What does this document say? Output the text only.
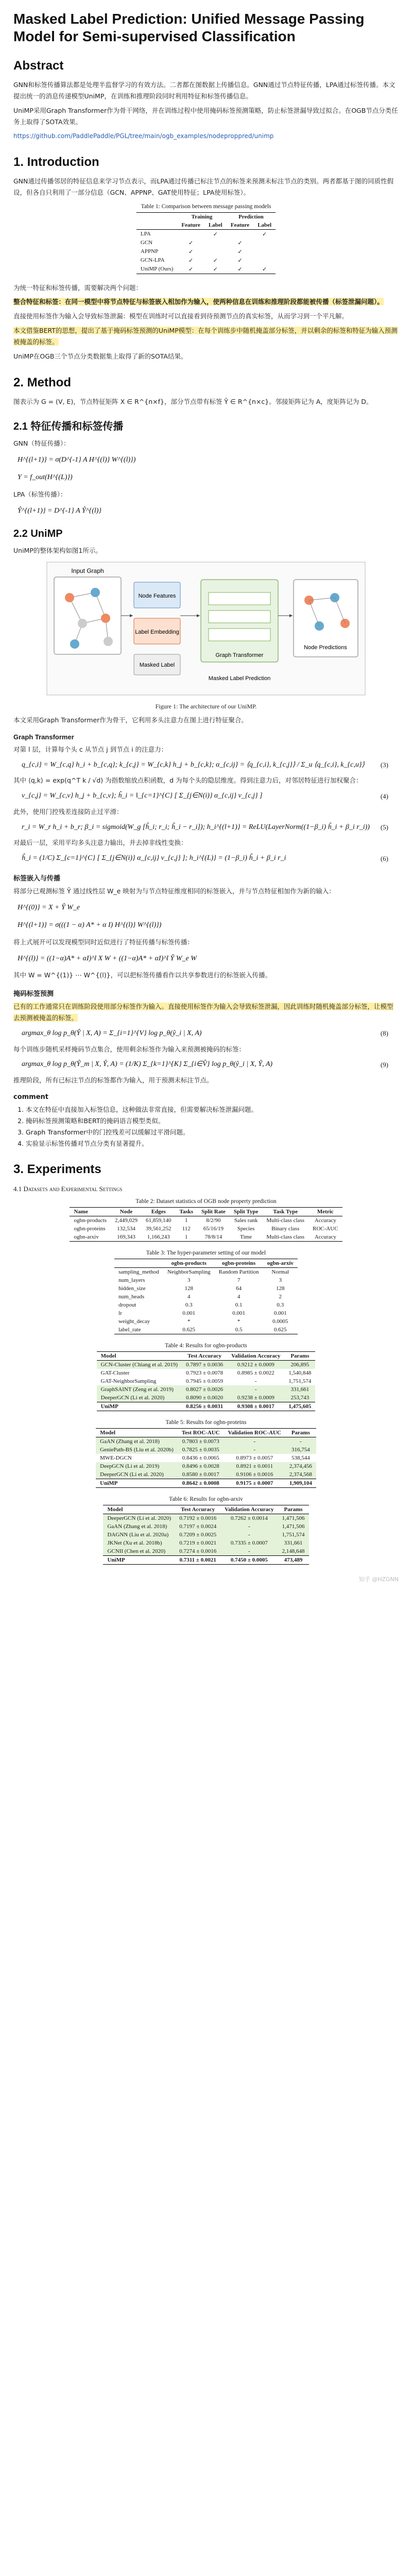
Masked Label Prediction: Unified Message Passing Model for Semi-supervised Classification
Abstract

GNN和标签传播算法都是处理半监督学习的有效方法。二者都在图数据上传播信息。GNN通过节点特征传播，LPA通过标签传播。本文提出统一的消息传递模型UniMP，在训练和推理阶段同时利用特征和标签传播信息。

UniMP采用Graph Transformer作为骨干网络，并在训练过程中使用掩码标签预测策略，防止标签泄漏导致过拟合。在OGB节点分类任务上取得了SOTA效果。

https://github.com/PaddlePaddle/PGL/tree/main/ogb_examples/nodeproppred/unimp

1. Introduction

GNN通过传播邻居的特征信息来学习节点表示，而LPA通过传播已标注节点的标签来预测未标注节点的类别。两者都基于图的同质性假设，但各自只利用了一部分信息（GCN、APPNP、GAT使用特征；LPA使用标签）。

Table 1: Comparison between message passing models
	Training		Prediction	
	Feature	Label	Feature	Label
LPA		✓		✓
GCN	✓		✓	
APPNP	✓		✓	
GCN-LPA	✓	✓	✓	
UniMP (Ours)	✓	✓	✓	✓

为统一特征和标签传播，需要解决两个问题：

整合特征和标签：在同一模型中将节点特征与标签嵌入相加作为输入，使两种信息在训练和推理阶段都能被传播（标签泄漏问题）。

直接使用标签作为输入会导致标签泄漏：模型在训练时可以直接看到待预测节点的真实标签，从而学习到一个平凡解。

本文借鉴BERT的思想，提出了基于掩码标签预测的UniMP模型：在每个训练步中随机掩盖部分标签，并以剩余的标签和特征为输入预测被掩盖的标签。

UniMP在OGB三个节点分类数据集上取得了新的SOTA结果。

2. Method

图表示为 G = (V, E)，节点特征矩阵 X ∈ R^{n×f}，部分节点带有标签 Ŷ ∈ R^{n×c}。邻接矩阵记为 A，度矩阵记为 D。

2.1 特征传播和标签传播

GNN（特征传播）：

H^{(l+1)} = σ(D^{-1} A H^{(l)} W^{(l)})
Y = f_out(H^{(L)})

LPA（标签传播）：

Ŷ^{(l+1)} = D^{-1} A Ŷ^{(l)}
2.2 UniMP

UniMP的整体架构如图1所示。

Input Graph
Node Features
Label Embedding
Masked Label
Graph Transformer
Node Predictions
Masked Label Prediction
Figure 1: The architecture of our UniMP.

本文采用Graph Transformer作为骨干，它利用多头注意力在图上进行特征聚合。

Graph Transformer

对第 l 层，计算每个头 c 从节点 j 到节点 i 的注意力：

q_{c,i} = W_{c,q} h_i + b_{c,q}; k_{c,j} = W_{c,k} h_j + b_{c,k}; α_{c,ij} = ⟨q_{c,i}, k_{c,j}⟩ / Σ_u ⟨q_{c,i}, k_{c,u}⟩ (3)

其中 ⟨q,k⟩ = exp(q^T k / √d) 为指数缩放点积函数，d 为每个头的隐层维度。得到注意力后，对邻居特征进行加权聚合：

v_{c,j} = W_{c,v} h_j + b_{c,v}; ĥ_i = ‖_{c=1}^{C} [ Σ_{j∈N(i)} α_{c,ij} v_{c,j} ]	(4)

此外，使用门控残差连接防止过平滑：

r_i = W_r h_i + b_r; β_i = sigmoid(W_g [ĥ_i; r_i; ĥ_i − r_i]); h_i^{(l+1)} = ReLU(LayerNorm((1−β_i) ĥ_i + β_i r_i)) (5)

对最后一层，采用平均多头注意力输出，并去掉非线性变换：

ĥ_i = (1/C) Σ_{c=1}^{C} [ Σ_{j∈N(i)} α_{c,ij} v_{c,j} ]; h_i^{(L)} = (1−β_i) ĥ_i + β_i r_i	(6)
标签嵌入与传播

将部分已观测标签 Ŷ 通过线性层 W_e 映射为与节点特征维度相同的标签嵌入，并与节点特征相加作为新的输入：

H^{(0)} = X + Ŷ W_e
H^{(l+1)} = σ(((1 − α) A* + α I) H^{(l)} W^{(l)})

将上式展开可以发现模型同时近似进行了特征传播与标签传播：

H^{(l)} = ((1−α)A* + αI)^l X W + ((1−α)A* + αI)^l Ŷ W_e W

其中 W = W^{(1)} ⋯ W^{(l)}，可以把标签传播看作以共享参数进行的标签嵌入传播。

掩码标签预测

已有的工作通常只在训练阶段使用部分标签作为输入。直接使用标签作为输入会导致标签泄漏，因此训练时随机掩盖部分标签，让模型去预测被掩盖的标签。

argmax_θ log p_θ(Ŷ | X, A) = Σ_{i=1}^{V} log p_θ(ŷ_i | X, A)	(8)

每个训练步随机采样掩码节点集合，使用剩余标签作为输入来预测被掩码的标签：

argmax_θ log p_θ(Ŷ_m | X, Ŷ, A) = (1/K) Σ_{k=1}^{K} Σ_{i∈V̂} log p_θ(ŷ_i | X, Ŷ, A)	(9)

推理阶段，所有已标注节点的标签都作为输入，用于预测未标注节点。

comment
1. 本文在特征中直接加入标签信息，这种做法非常直接，但需要解决标签泄漏问题。
2. 掩码标签预测策略和BERT的掩码语言模型类似。
3. Graph Transformer中的门控残差可以缓解过平滑问题。
4. 实验显示标签传播对节点分类有显著提升。
3. Experiments
4.1 Datasets and Experimental Settings
Table 2: Dataset statistics of OGB node property prediction
Name	Node	Edges	Tasks	Split Rate	Split Type	Task Type	Metric
ogbn-products	2,449,029	61,859,140	1	8/2/90	Sales rank	Multi-class class	Accuracy
ogbn-proteins	132,534	39,561,252	112	65/16/19	Species	Binary class	ROC-AUC
ogbn-arxiv	169,343	1,166,243	1	78/8/14	Time	Multi-class class	Accuracy
Table 3: The hyper-parameter setting of our model
	ogbn-products	ogbn-proteins	ogbn-arxiv
sampling_method	NeighborSampling	Random Partition	Normal
num_layers	3	7	3
hidden_size	128	64	128
num_heads	4	4	2
dropout	0.3	0.1	0.3
lr	0.001	0.001	0.001
weight_decay	*	*	0.0005
label_rate	0.625	0.5	0.625
Table 4: Results for ogbn-products
Model	Test Accuracy	Validation Accuracy	Params
GCN-Cluster (Chiang et al. 2019)	0.7897 ± 0.0036	0.9212 ± 0.0009	206,895
GAT-Cluster	0.7923 ± 0.0078	0.8985 ± 0.0022	1,540,848
GAT-NeighborSampling	0.7945 ± 0.0059	-	1,751,574
GraphSAINT (Zeng et al. 2019)	0.8027 ± 0.0026	-	331,661
DeeperGCN (Li et al. 2020)	0.8090 ± 0.0020	0.9238 ± 0.0009	253,743
UniMP	0.8256 ± 0.0031	0.9308 ± 0.0017	1,475,605
Table 5: Results for ogbn-proteins
Model	Test ROC-AUC	Validation ROC-AUC	Params
GaAN (Zhang et al. 2018)	0.7803 ± 0.0073	-	-
GeniePath-BS (Liu et al. 2020b)	0.7825 ± 0.0035	-	316,754
MWE-DGCN	0.8436 ± 0.0065	0.8973 ± 0.0057	538,544
DeepGCN (Li et al. 2019)	0.8496 ± 0.0028	0.8921 ± 0.0011	2,374,456
DeeperGCN (Li et al. 2020)	0.8580 ± 0.0017	0.9106 ± 0.0016	2,374,568
UniMP	0.8642 ± 0.0008	0.9175 ± 0.0007	1,909,104
Table 6: Results for ogbn-arxiv
Model	Test Accuracy	Validation Accuracy	Params
DeeperGCN (Li et al. 2020)	0.7192 ± 0.0016	0.7262 ± 0.0014	1,471,506
GaAN (Zhang et al. 2018)	0.7197 ± 0.0024	-	1,471,506
DAGNN (Liu et al. 2020a)	0.7209 ± 0.0025	-	1,751,574
JKNet (Xu et al. 2018b)	0.7219 ± 0.0021	0.7335 ± 0.0007	331,661
GCNII (Chen et al. 2020)	0.7274 ± 0.0016	-	2,148,648
UniMP	0.7311 ± 0.0021	0.7450 ± 0.0005	473,489
知乎 @HZGNN
